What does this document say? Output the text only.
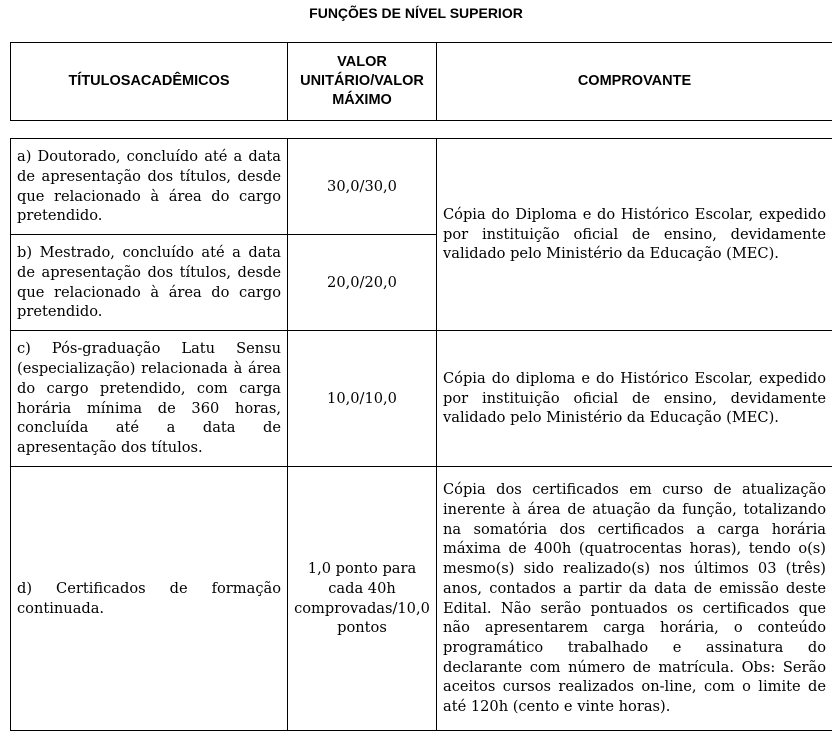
FUNÇÕES DE NÍVEL SUPERIOR
TÍTULOSACADÊMICOS	VALOR UNITÁRIO/VALOR MÁXIMO	COMPROVANTE
a) Doutorado, concluído até a data de apresentação dos títulos, desde que relacionado à área do cargo pretendido.	30,0/30,0	Cópia do Diploma e do Histórico Escolar, expedido por instituição oficial de ensino, devidamente validado pelo Ministério da Educação (MEC).
b) Mestrado, concluído até a data de apresentação dos títulos, desde que relacionado à área do cargo pretendido.	20,0/20,0	
c) Pós-graduação Latu Sensu (especialização) relacionada à área do cargo pretendido, com carga horária mínima de 360 horas, concluída até a data de apresentação dos títulos.	10,0/10,0	Cópia do diploma e do Histórico Escolar, expedido por instituição oficial de ensino, devidamente validado pelo Ministério da Educação (MEC).
d) Certificados de formação continuada.	1,0 ponto para cada 40h comprovadas/10,0 pontos	Cópia dos certificados em curso de atualização inerente à área de atuação da função, totalizando na somatória dos certificados a carga horária máxima de 400h (quatrocentas horas), tendo o(s) mesmo(s) sido realizado(s) nos últimos 03 (três) anos, contados a partir da data de emissão deste Edital. Não serão pontuados os certificados que não apresentarem carga horária, o conteúdo programático trabalhado e assinatura do declarante com número de matrícula. Obs: Serão aceitos cursos realizados on-line, com o limite de até 120h (cento e vinte horas).
